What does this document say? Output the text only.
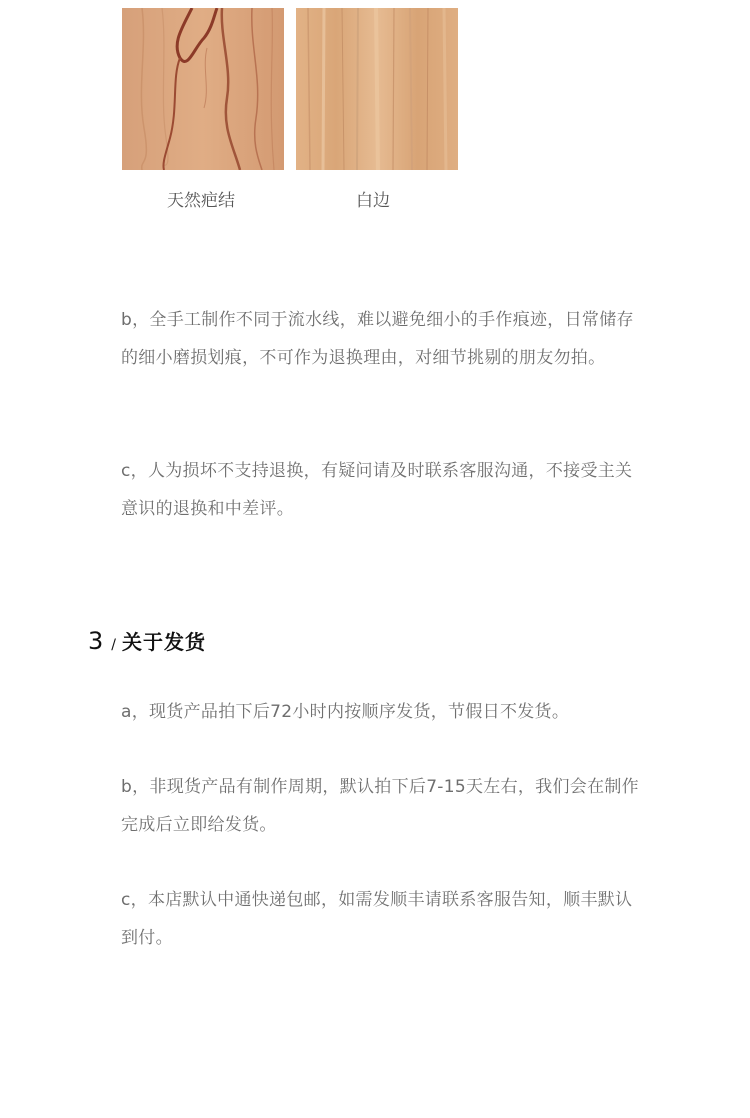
天然疤结	白边

b，全手工制作不同于流水线，难以避免细小的手作痕迹，日常储存的细小磨损划痕，不可作为退换理由，对细节挑剔的朋友勿拍。

c，人为损坏不支持退换，有疑问请及时联系客服沟通，不接受主关意识的退换和中差评。

3 / 关于发货

a，现货产品拍下后72小时内按顺序发货，节假日不发货。

b，非现货产品有制作周期，默认拍下后7-15天左右，我们会在制作完成后立即给发货。

c，本店默认中通快递包邮，如需发顺丰请联系客服告知，顺丰默认到付。
